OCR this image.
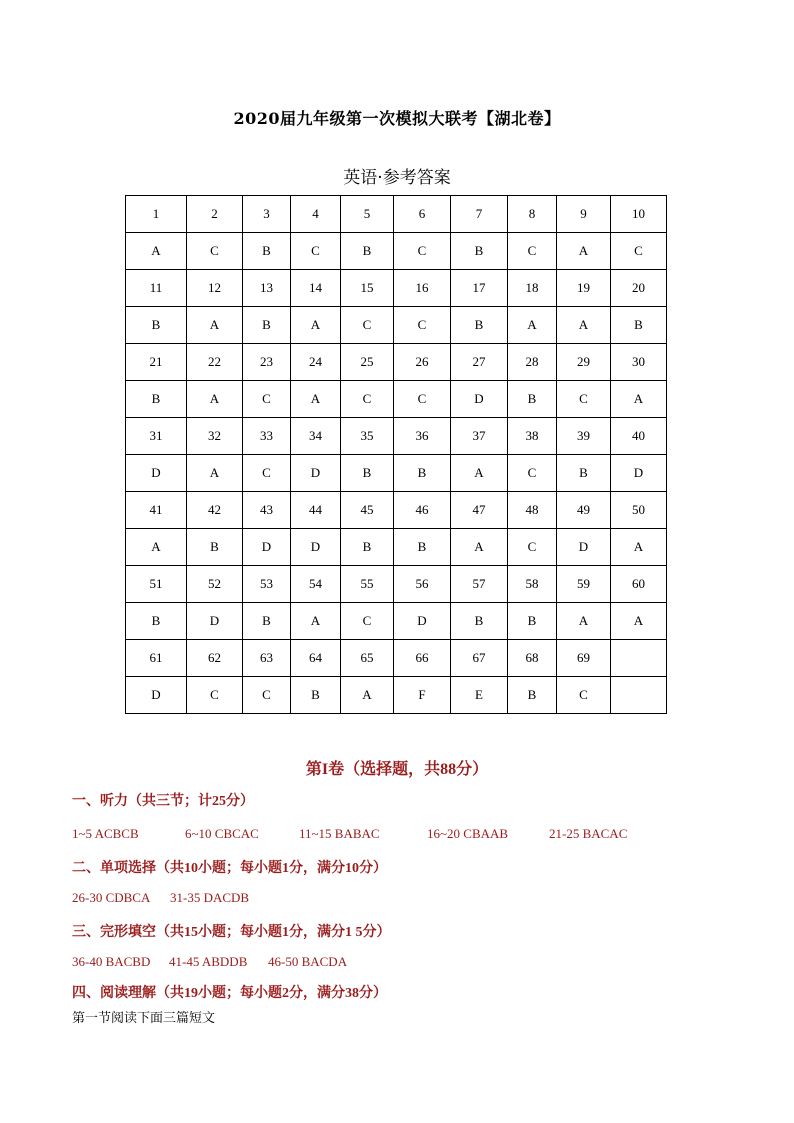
2020届九年级第一次模拟大联考【湖北卷】
英语·参考答案
1	2	3	4	5	6	7	8	9	10
A	C	B	C	B	C	B	C	A	C
11	12	13	14	15	16	17	18	19	20
B	A	B	A	C	C	B	A	A	B
21	22	23	24	25	26	27	28	29	30
B	A	C	A	C	C	D	B	C	A
31	32	33	34	35	36	37	38	39	40
D	A	C	D	B	B	A	C	B	D
41	42	43	44	45	46	47	48	49	50
A	B	D	D	B	B	A	C	D	A
51	52	53	54	55	56	57	58	59	60
B	D	B	A	C	D	B	B	A	A
61	62	63	64	65	66	67	68	69	
D	C	C	B	A	F	E	B	C	
第I卷（选择题，共88分）
一、听力（共三节；计25分）
1~5 ACBCB	6~10 CBCAC	11~15 BABAC	16~20 CBAAB	21-25 BACAC
二、单项选择（共10小题；每小题1分，满分10分）
26-30 CDBCA 31-35 DACDB
三、完形填空（共15小题；每小题1分，满分1 5分）
36-40 BACBD 41-45 ABDDB 46-50 BACDA
四、阅读理解（共19小题；每小题2分，满分38分）
第一节阅读下面三篇短文
